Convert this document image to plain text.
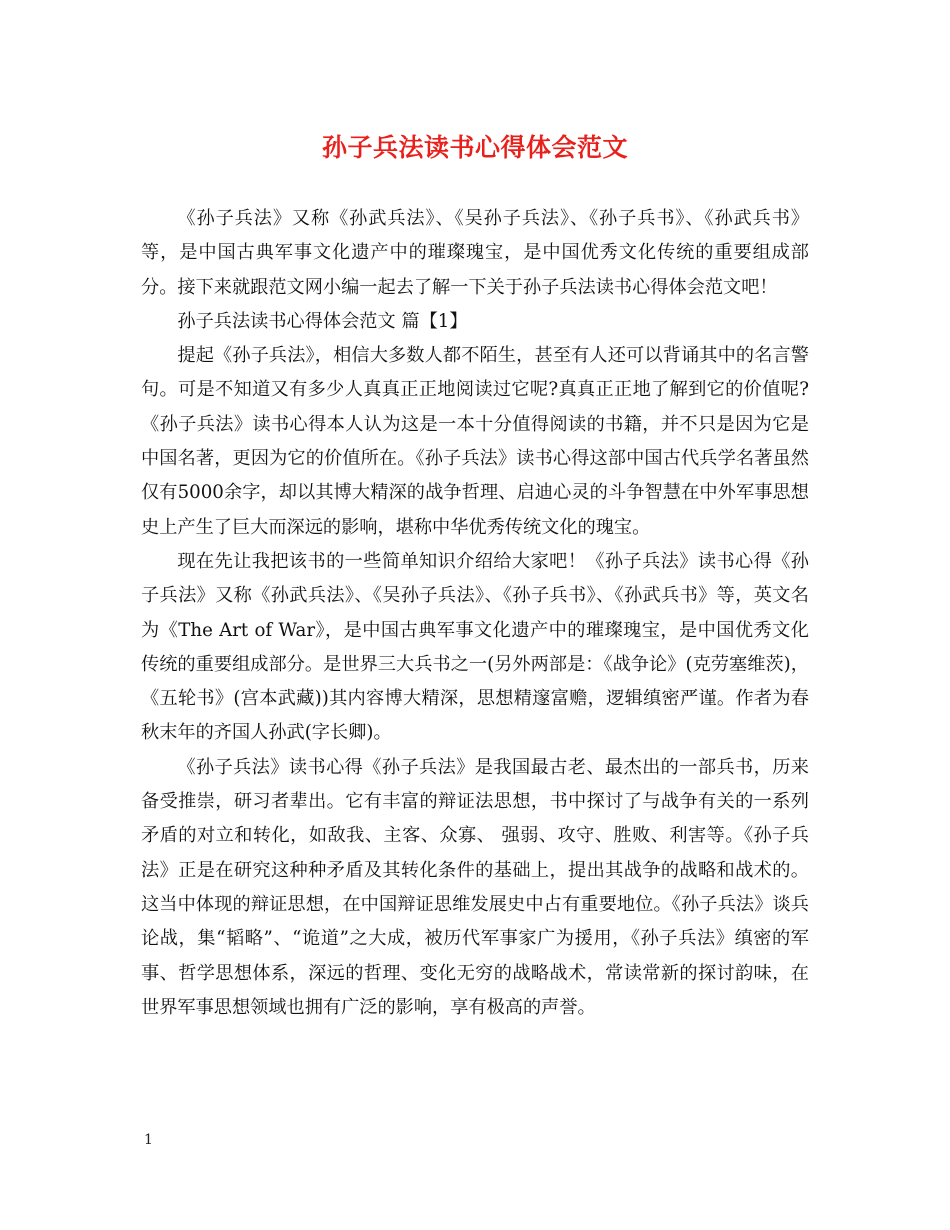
孙子兵法读书心得体会范文

《孙子兵法》又称《孙武兵法》、《吴孙子兵法》、《孙子兵书》、《孙武兵书》等，是中国古典军事文化遗产中的璀璨瑰宝，是中国优秀文化传统的重要组成部分。接下来就跟范文网小编一起去了解一下关于孙子兵法读书心得体会范文吧！

孙子兵法读书心得体会范文 篇【1】

提起《孙子兵法》，相信大多数人都不陌生，甚至有人还可以背诵其中的名言警句。可是不知道又有多少人真真正正地阅读过它呢?真真正正地了解到它的价值呢?《孙子兵法》读书心得本人认为这是一本十分值得阅读的书籍，并不只是因为它是中国名著，更因为它的价值所在。《孙子兵法》读书心得这部中国古代兵学名著虽然仅有5000余字，却以其博大精深的战争哲理、启迪心灵的斗争智慧在中外军事思想史上产生了巨大而深远的影响，堪称中华优秀传统文化的瑰宝。

现在先让我把该书的一些简单知识介绍给大家吧！《孙子兵法》读书心得《孙子兵法》又称《孙武兵法》、《吴孙子兵法》、《孙子兵书》、《孙武兵书》等，英文名为《The Art of War》，是中国古典军事文化遗产中的璀璨瑰宝，是中国优秀文化传统的重要组成部分。是世界三大兵书之一(另外两部是：《战争论》(克劳塞维茨)，《五轮书》(宫本武藏))其内容博大精深，思想精邃富赡，逻辑缜密严谨。作者为春秋末年的齐国人孙武(字长卿)。

《孙子兵法》读书心得《孙子兵法》是我国最古老、最杰出的一部兵书，历来备受推崇，研习者辈出。它有丰富的辩证法思想，书中探讨了与战争有关的一系列矛盾的对立和转化，如敌我、主客、众寡、 强弱、攻守、胜败、利害等。《孙子兵法》正是在研究这种种矛盾及其转化条件的基础上，提出其战争的战略和战术的。这当中体现的辩证思想，在中国辩证思维发展史中占有重要地位。《孙子兵法》谈兵论战，集“韬略”、“诡道”之大成，被历代军事家广为援用，《孙子兵法》缜密的军事、哲学思想体系，深远的哲理、变化无穷的战略战术，常读常新的探讨韵味，在世界军事思想领域也拥有广泛的影响，享有极高的声誉。

1
